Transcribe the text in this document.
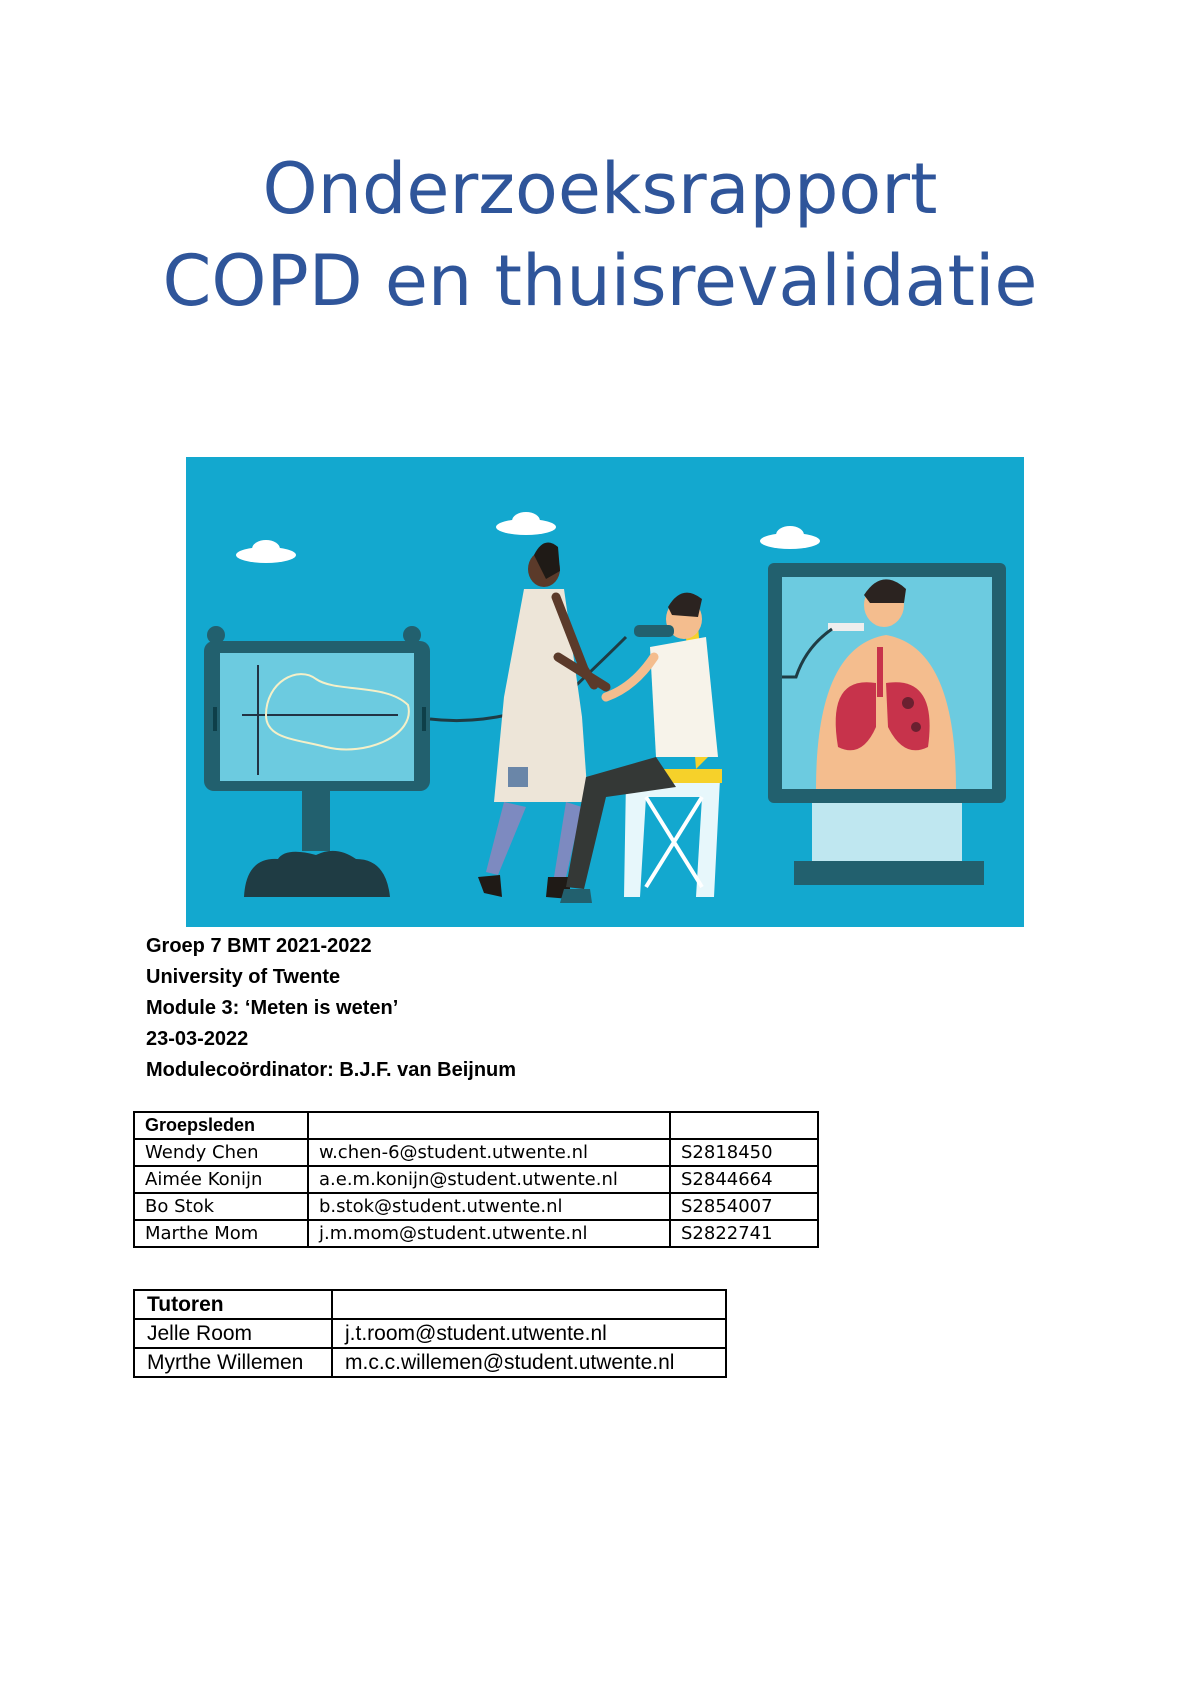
Onderzoeksrapport
COPD en thuisrevalidatie
Groep 7 BMT 2021-2022
University of Twente
Module 3: ‘Meten is weten’
23-03-2022
Modulecoördinator: B.J.F. van Beijnum
Groepsleden		
Wendy Chen	w.chen-6@student.utwente.nl	S2818450
Aimée Konijn	a.e.m.konijn@student.utwente.nl	S2844664
Bo Stok	b.stok@student.utwente.nl	S2854007
Marthe Mom	j.m.mom@student.utwente.nl	S2822741
Tutoren	
Jelle Room	j.t.room@student.utwente.nl
Myrthe Willemen	m.c.c.willemen@student.utwente.nl
